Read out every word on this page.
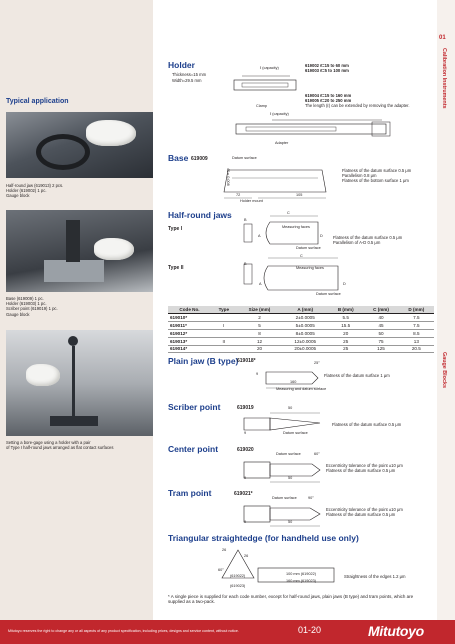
01
Calibration Instruments
Gauge Blocks
Typical application
Half-round jaw (619013) 2 pcs.
Holder (619002) 1 pc.
Gauge block
Base (619009) 1 pc.
Holder (619003) 1 pc.
Scriber point (619019) 1 pc.
Gauge block
Setting a bore-gage using a holder with a pair
of Type I half-round jaws arranged as flat contact surfaces
Holder
Thickness=15 mm
Width=29.5 mm
ℓ (capacity)	619002 ℓ=15 to 60 mm
619003 ℓ=5 to 100 mm
619004 ℓ=15 to 160 mm
619005 ℓ=20 to 250 mm
The length (ℓ) can be extended by removing the adapter.
Clamp
ℓ (capacity)
Adapter
Base 619009	Datum surface
40±0.008
72	105
Holder mount
Flatness of the datum surface 0.5 μm
Parallelism 0.8 μm
Flatness of the bottom surface 1 μm
Half-round jaws
Type I
B
A
C
D
Measuring faces
Datum surface
Flatness of the datum surface 0.5 μm
Parallelism of A-D 0.5 μm
Type II
B
A
C
D
Measuring faces
Datum surface
Code No.	Type	Size (mm)	A (mm)	B (mm)	C (mm)	D (mm)
619010*		2	2±0.0005	5.5	40	7.5
619011*	I	5	5±0.0005	15.5	45	7.5
619012*		8	8±0.0005	20	50	8.5
619013*	II	12	12±0.0005	25	75	13
619014*		20	20±0.0005	25	125	20.5
Plain jaw (B type)
619018*	25°
9
160
Measuring and datum surface
Flatness of the datum surface 1 μm
Scriber point	619019	50
9	Datum surface
Flatness of the datum surface 0.5 μm
Center point	619020
Datum surface	60°
9	50
Eccentricity tolerance of the point ±10 μm
Flatness of the datum surface 0.5 μm
Tram point	619021*
Datum surface	90°
9	50
Eccentricity tolerance of the point ±10 μm
Flatness of the datum surface 0.5 μm
Triangular straightedge (for handheld use only)
26
26
60°
(619022)
(619023)
100 mm (619022)
160 mm (619023)
Straightness of the edges 1.2 μm
* A single piece is supplied for each code number, except for half-round jaws, plain jaws (B type) and tram points, which are supplied as a two-pack.
Mitutoyo reserves the right to change any or all aspects of any product specification, including prices, designs and service content, without notice.	01-20	Mitutoyo
